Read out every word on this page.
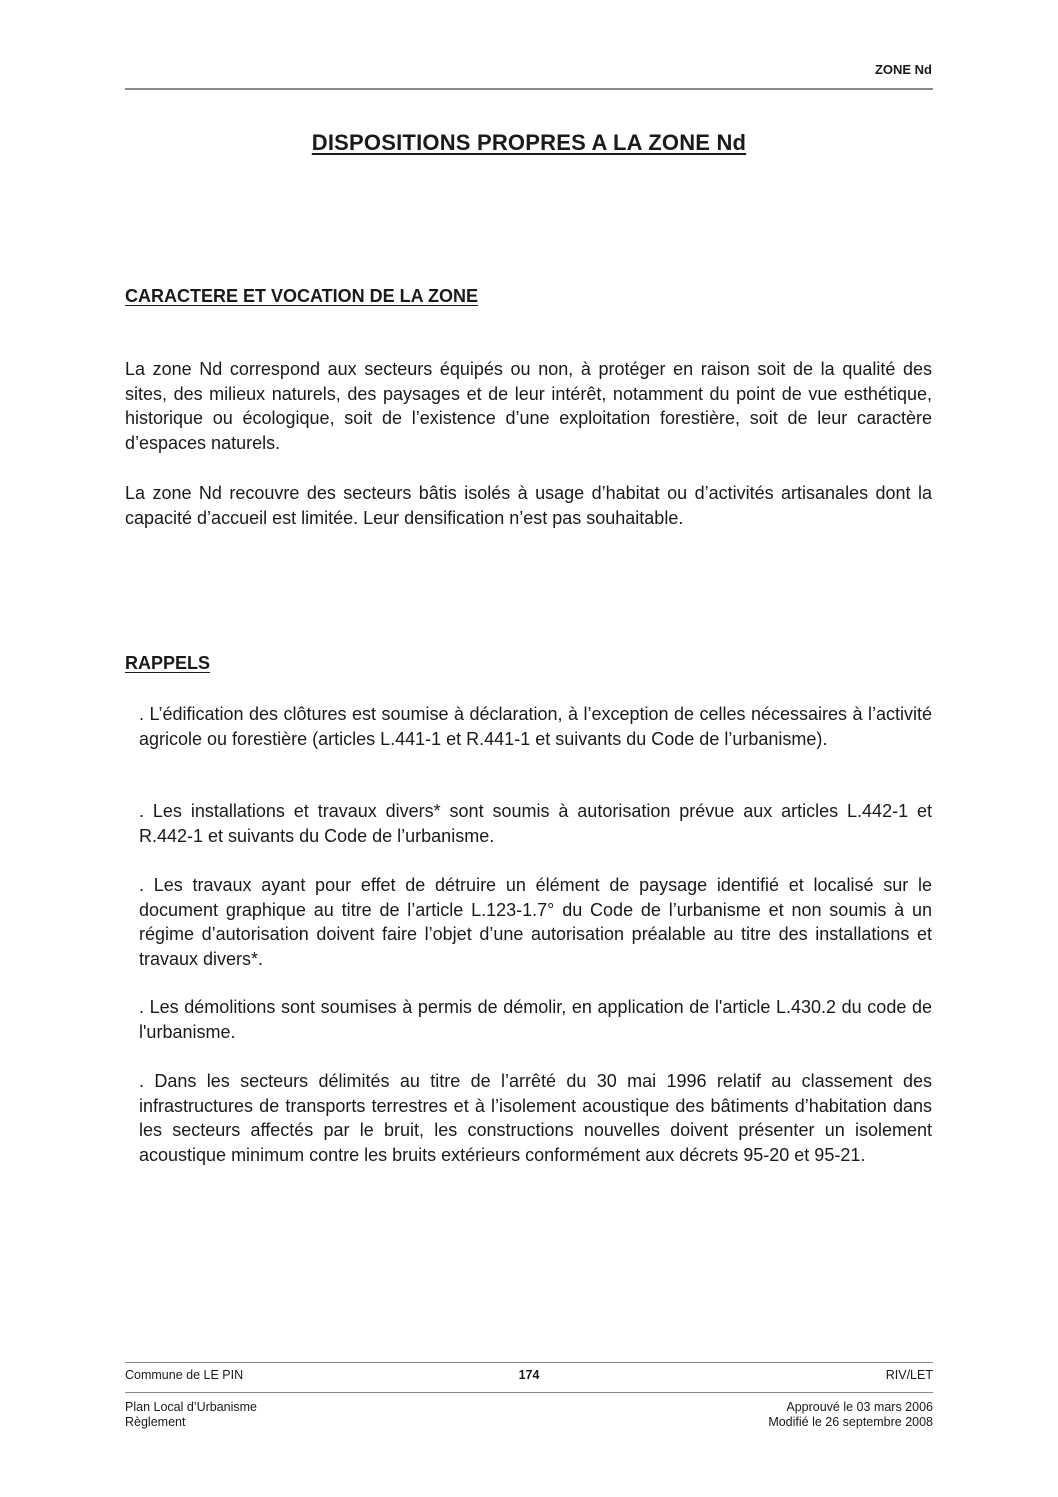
ZONE Nd
DISPOSITIONS PROPRES A LA ZONE Nd
CARACTERE ET VOCATION DE LA ZONE

La zone Nd correspond aux secteurs équipés ou non, à protéger en raison soit de la qualité des sites, des milieux naturels, des paysages et de leur intérêt, notamment du point de vue esthétique, historique ou écologique, soit de l’existence d’une exploitation forestière, soit de leur caractère d’espaces naturels.

La zone Nd recouvre des secteurs bâtis isolés à usage d’habitat ou d’activités artisanales dont la capacité d’accueil est limitée. Leur densification n’est pas souhaitable.

RAPPELS

. L’édification des clôtures est soumise à déclaration, à l’exception de celles nécessaires à l’activité agricole ou forestière (articles L.441-1 et R.441-1 et suivants du Code de l’urbanisme).

. Les installations et travaux divers* sont soumis à autorisation prévue aux articles L.442-1 et R.442-1 et suivants du Code de l’urbanisme.

. Les travaux ayant pour effet de détruire un élément de paysage identifié et localisé sur le document graphique au titre de l’article L.123-1.7° du Code de l’urbanisme et non soumis à un régime d’autorisation doivent faire l’objet d’une autorisation préalable au titre des installations et travaux divers*.

. Les démolitions sont soumises à permis de démolir, en application de l'article L.430.2 du code de l'urbanisme.

. Dans les secteurs délimités au titre de l’arrêté du 30 mai 1996 relatif au classement des infrastructures de transports terrestres et à l’isolement acoustique des bâtiments d’habitation dans les secteurs affectés par le bruit, les constructions nouvelles doivent présenter un isolement acoustique minimum contre les bruits extérieurs conformément aux décrets 95-20 et 95-21.

Commune de LE PIN	174	RIV/LET
Plan Local d’Urbanisme
Règlement
Approuvé le 03 mars 2006
Modifié le 26 septembre 2008
